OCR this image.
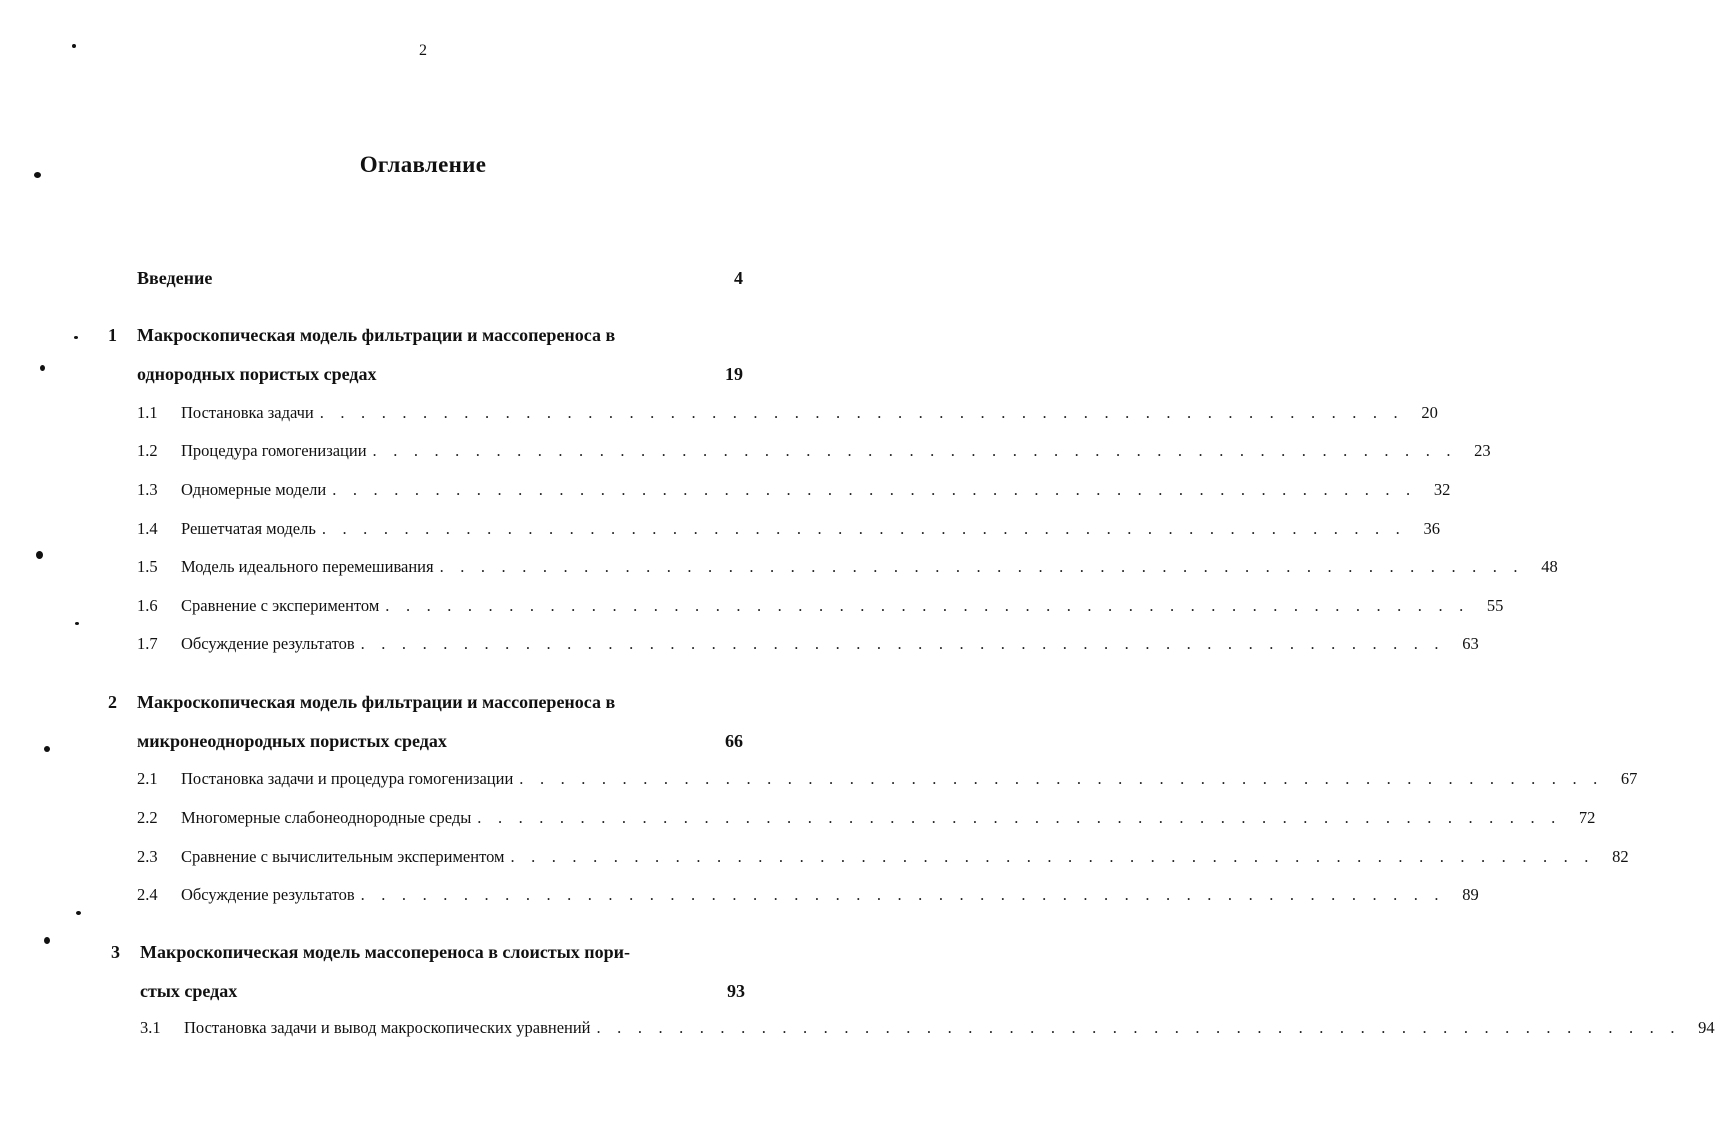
2
Оглавление
Введение	4
1 Макроскопическая модель фильтрации и массопереноса в
однородных пористых средах	19
1.1	Постановка задачи . . . . . . . . . . . . . . . . . . . . . . . . . . . . . . . . . . . . . . . . . . . . . . . . . . . . .	20
1.2	Процедура гомогенизации . . . . . . . . . . . . . . . . . . . . . . . . . . . . . . . . . . . . . . . . . . . . . . . . . . . . .	23
1.3	Одномерные модели . . . . . . . . . . . . . . . . . . . . . . . . . . . . . . . . . . . . . . . . . . . . . . . . . . . . .	32
1.4	Решетчатая модель . . . . . . . . . . . . . . . . . . . . . . . . . . . . . . . . . . . . . . . . . . . . . . . . . . . . .	36
1.5	Модель идеального перемешивания . . . . . . . . . . . . . . . . . . . . . . . . . . . . . . . . . . . . . . . . . . . . . . . . . . . . .	48
1.6	Сравнение с экспериментом . . . . . . . . . . . . . . . . . . . . . . . . . . . . . . . . . . . . . . . . . . . . . . . . . . . . .	55
1.7	Обсуждение результатов . . . . . . . . . . . . . . . . . . . . . . . . . . . . . . . . . . . . . . . . . . . . . . . . . . . . .	63
2 Макроскопическая модель фильтрации и массопереноса в
микронеоднородных пористых средах	66
2.1	Постановка задачи и процедура гомогенизации . . . . . . . . . . . . . . . . . . . . . . . . . . . . . . . . . . . . . . . . . . . . . . . . . . . . .	67
2.2	Многомерные слабонеоднородные среды . . . . . . . . . . . . . . . . . . . . . . . . . . . . . . . . . . . . . . . . . . . . . . . . . . . . .	72
2.3	Сравнение с вычислительным экспериментом . . . . . . . . . . . . . . . . . . . . . . . . . . . . . . . . . . . . . . . . . . . . . . . . . . . . .	82
2.4	Обсуждение результатов . . . . . . . . . . . . . . . . . . . . . . . . . . . . . . . . . . . . . . . . . . . . . . . . . . . . .	89
3 Макроскопическая модель массопереноса в слоистых пори-
стых средах	93
3.1	Постановка задачи и вывод макроскопических уравнений . . . . . . . . . . . . . . . . . . . . . . . . . . . . . . . . . . . . . . . . . . . . . . . . . . . . .	94
